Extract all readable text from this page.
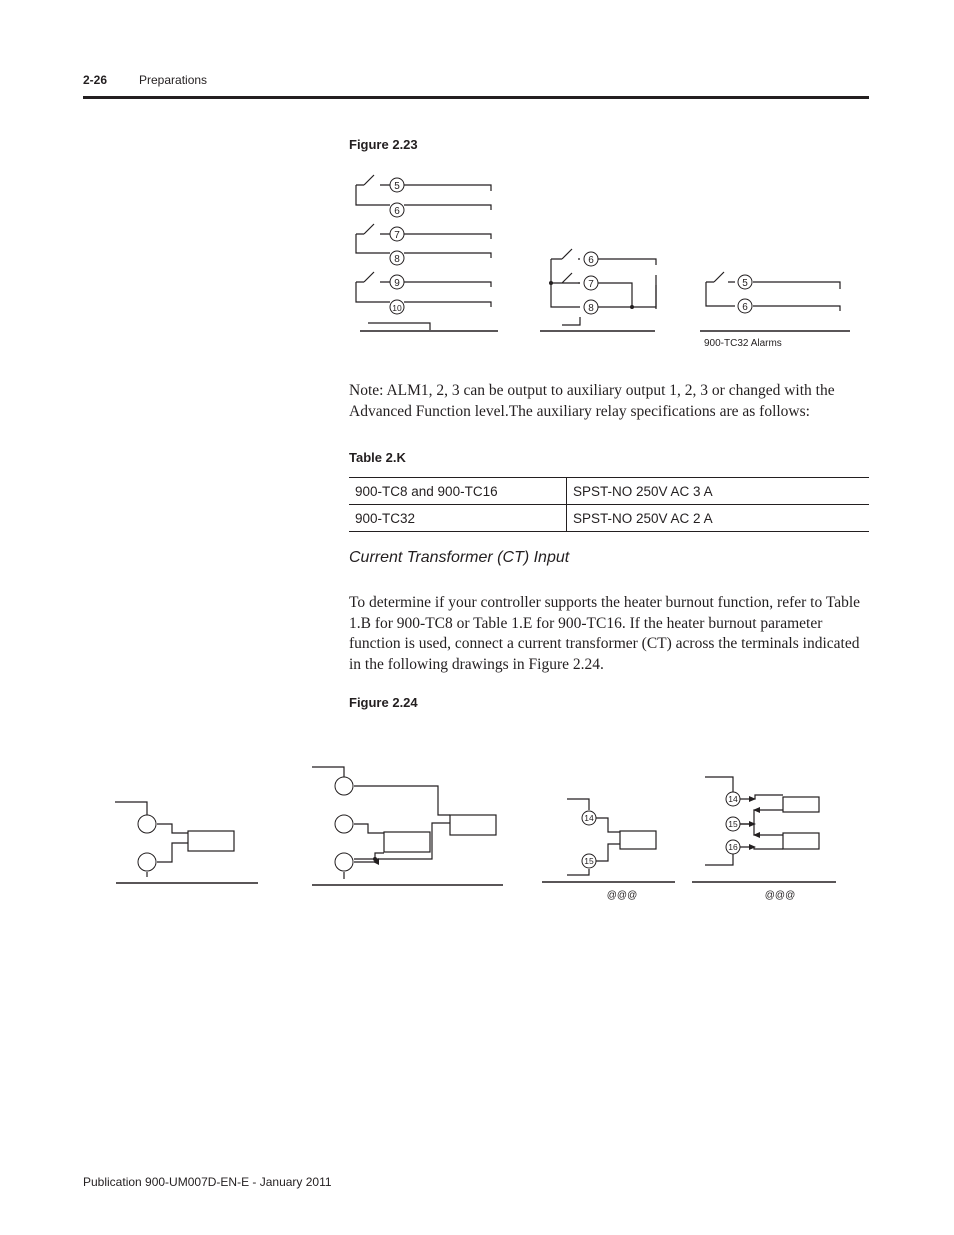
2-26	Preparations
Figure 2.23
5
6
7
8
9
10
6
7
8
5
6
900-TC32 Alarms
Note: ALM1, 2, 3 can be output to auxiliary output 1, 2, 3 or changed with the Advanced Function level.The auxiliary relay specifications are as follows:
Table 2.K
900-TC8 and 900-TC16	SPST-NO 250V AC 3 A
900-TC32	SPST-NO 250V AC 2 A
Current Transformer (CT) Input
To determine if your controller supports the heater burnout function, refer to Table 1.B for 900-TC8 or Table 1.E for 900-TC16. If the heater burnout parameter function is used, connect a current transformer (CT) across the terminals indicated in the following drawings in Figure 2.24.
Figure 2.24
14
15
14
15
16
@@@	@@@
Publication 900-UM007D-EN-E - January 2011
